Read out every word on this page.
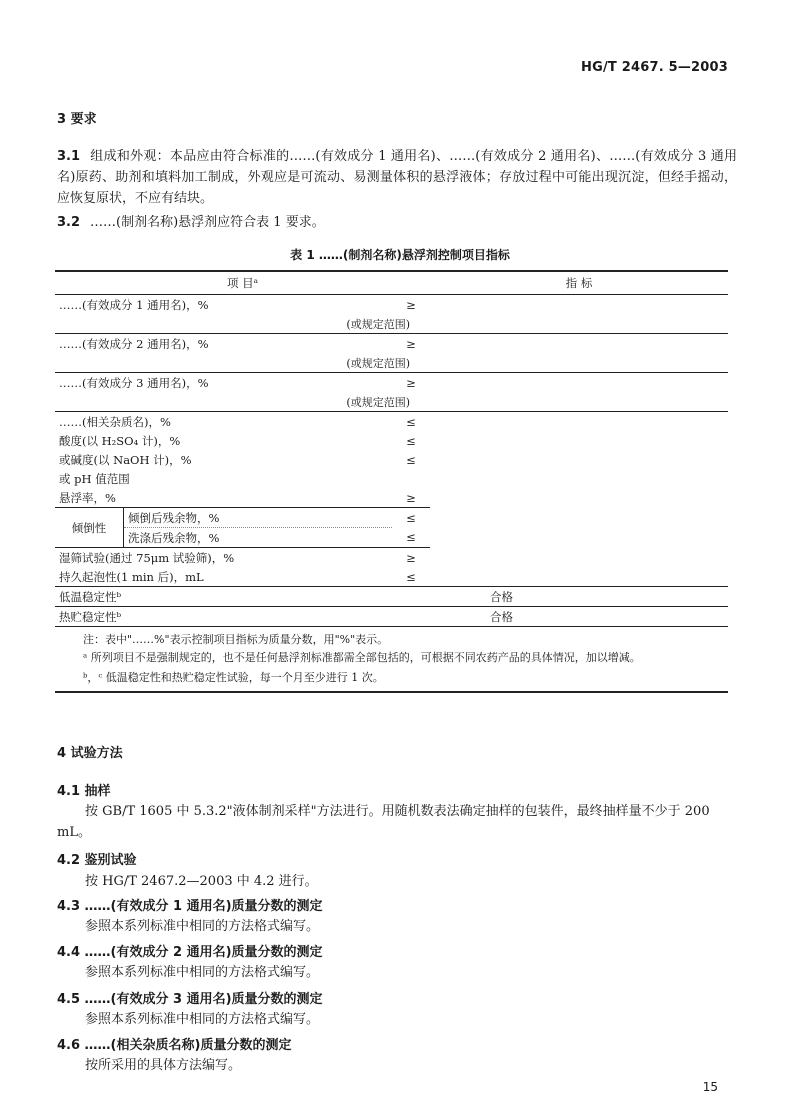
HG/T 2467. 5—2003
3 要求
3.1 组成和外观：本品应由符合标准的……(有效成分 1 通用名)、……(有效成分 2 通用名)、……(有效成分 3 通用名)原药、助剂和填料加工制成，外观应是可流动、易测量体积的悬浮液体；存放过程中可能出现沉淀，但经手摇动，应恢复原状，不应有结块。
3.2 ……(制剂名称)悬浮剂应符合表 1 要求。
表 1 ……(制剂名称)悬浮剂控制项目指标
项 目ᵃ			指 标
……(有效成分 1 通用名)，%		≥	
(或规定范围)			
……(有效成分 2 通用名)，%		≥	
(或规定范围)			
……(有效成分 3 通用名)，%		≥	
(或规定范围)			
……(相关杂质名)，%		≤	
酸度(以 H₂SO₄ 计)，%		≤	
或碱度(以 NaOH 计)，%		≤	
或 pH 值范围			
悬浮率，%		≥	
倾倒性	倾倒后残余物，%	≤	
	洗涤后残余物，%	≤	
湿筛试验(通过 75μm 试验筛)，%		≥	
持久起泡性(1 min 后)，mL		≤	
低温稳定性ᵇ			合格
热贮稳定性ᵇ			合格

注：表中"……%"表示控制项目指标为质量分数，用"%"表示。
ᵃ 所列项目不是强制规定的，也不是任何悬浮剂标准都需全部包括的，可根据不同农药产品的具体情况，加以增减。
ᵇ，ᶜ 低温稳定性和热贮稳定性试验，每一个月至少进行 1 次。			
4 试验方法
4.1 抽样
按 GB/T 1605 中 5.3.2"液体制剂采样"方法进行。用随机数表法确定抽样的包装件，最终抽样量不少于 200 mL。
4.2 鉴别试验
按 HG/T 2467.2—2003 中 4.2 进行。
4.3 ……(有效成分 1 通用名)质量分数的测定
参照本系列标准中相同的方法格式编写。
4.4 ……(有效成分 2 通用名)质量分数的测定
参照本系列标准中相同的方法格式编写。
4.5 ……(有效成分 3 通用名)质量分数的测定
参照本系列标准中相同的方法格式编写。
4.6 ……(相关杂质名称)质量分数的测定
按所采用的具体方法编写。
15
